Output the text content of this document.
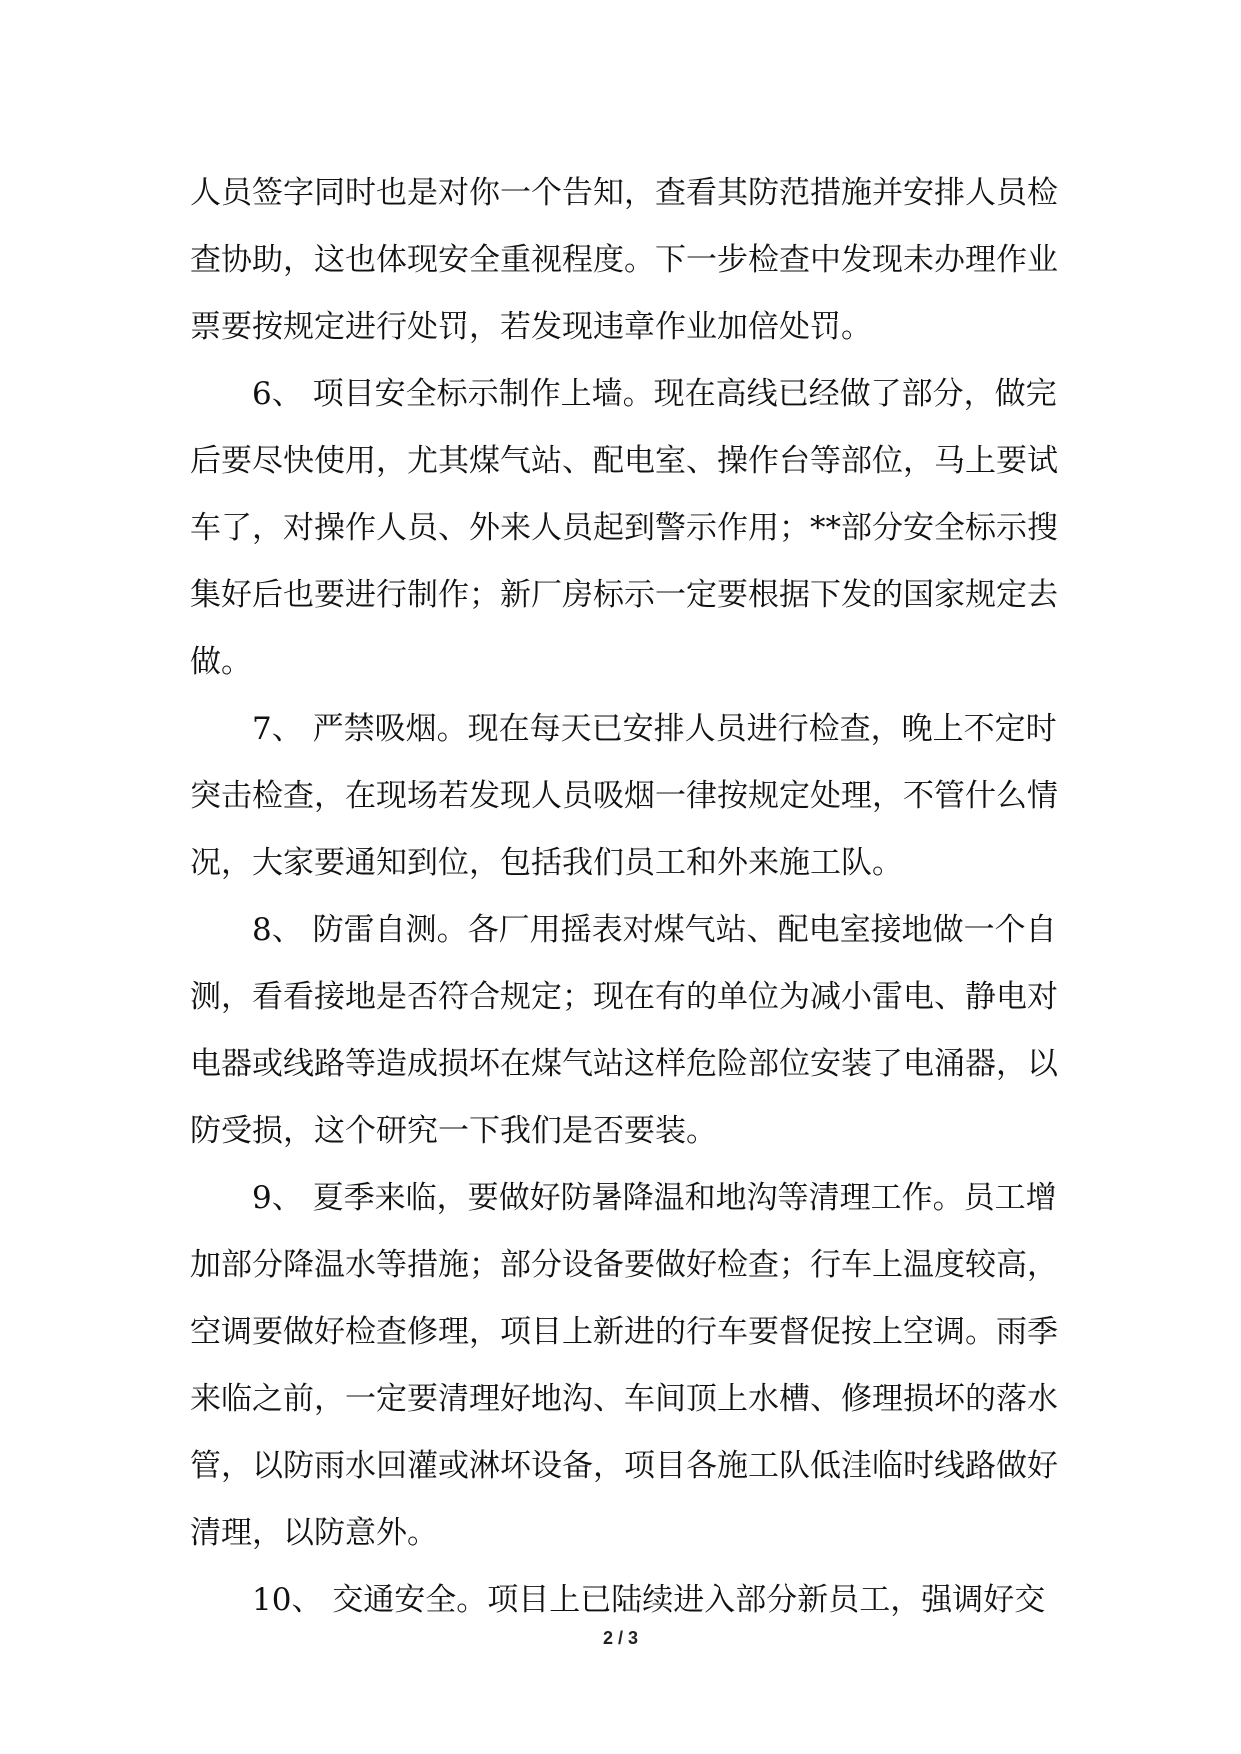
人员签字同时也是对你一个告知，查看其防范措施并安排人员检
查协助，这也体现安全重视程度。下一步检查中发现未办理作业
票要按规定进行处罚，若发现违章作业加倍处罚。
6、 项目安全标示制作上墙。现在高线已经做了部分，做完
后要尽快使用，尤其煤气站、配电室、操作台等部位，马上要试
车了，对操作人员、外来人员起到警示作用；**部分安全标示搜
集好后也要进行制作；新厂房标示一定要根据下发的国家规定去
做。
7、 严禁吸烟。现在每天已安排人员进行检查，晚上不定时
突击检查，在现场若发现人员吸烟一律按规定处理，不管什么情
况，大家要通知到位，包括我们员工和外来施工队。
8、 防雷自测。各厂用摇表对煤气站、配电室接地做一个自
测，看看接地是否符合规定；现在有的单位为减小雷电、静电对
电器或线路等造成损坏在煤气站这样危险部位安装了电涌器，以
防受损，这个研究一下我们是否要装。
9、 夏季来临，要做好防暑降温和地沟等清理工作。员工增
加部分降温水等措施；部分设备要做好检查；行车上温度较高，
空调要做好检查修理，项目上新进的行车要督促按上空调。雨季
来临之前，一定要清理好地沟、车间顶上水槽、修理损坏的落水
管，以防雨水回灌或淋坏设备，项目各施工队低洼临时线路做好
清理，以防意外。
10、 交通安全。项目上已陆续进入部分新员工，强调好交
2 / 3
